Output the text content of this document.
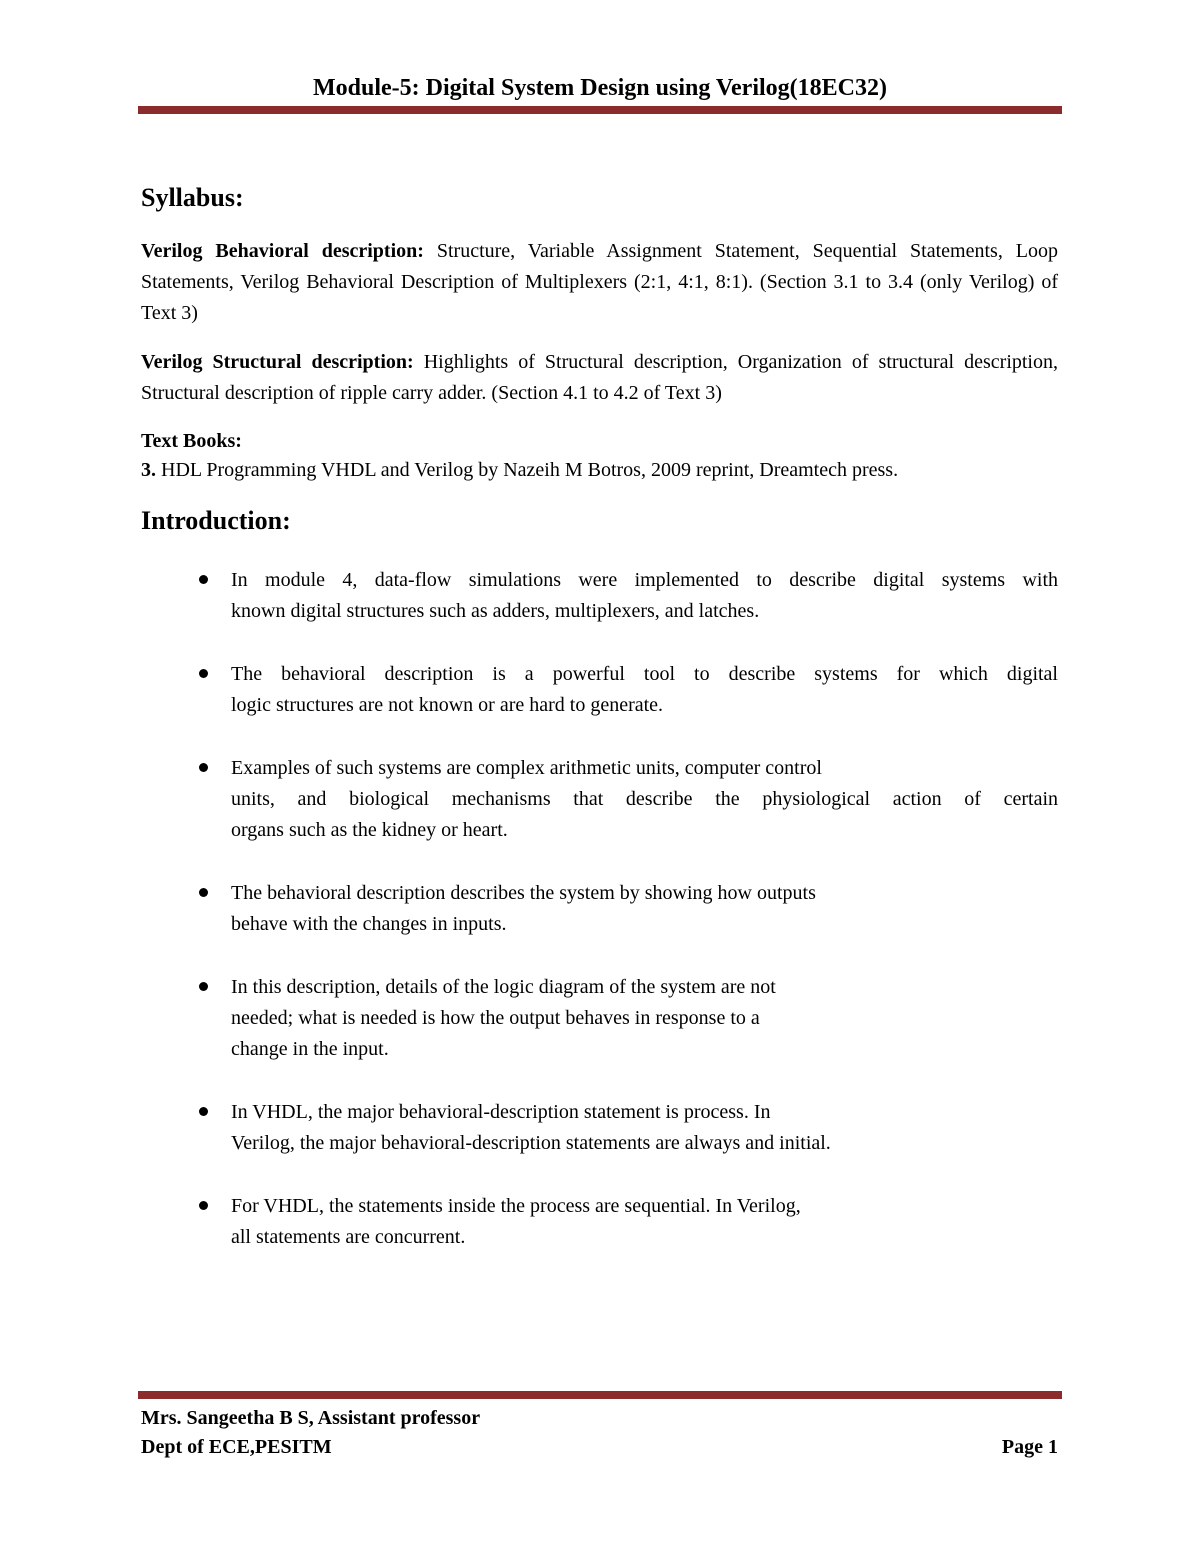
Module-5: Digital System Design using Verilog(18EC32)
Syllabus:

Verilog Behavioral description: Structure, Variable Assignment Statement, Sequential Statements, Loop Statements, Verilog Behavioral Description of Multiplexers (2:1, 4:1, 8:1). (Section 3.1 to 3.4 (only Verilog) of Text 3)

Verilog Structural description: Highlights of Structural description, Organization of structural description, Structural description of ripple carry adder. (Section 4.1 to 4.2 of Text 3)

Text Books:
3. HDL Programming VHDL and Verilog by Nazeih M Botros, 2009 reprint, Dreamtech press.
Introduction:
In module 4, data-flow simulations were implemented to describe digital systems with
known digital structures such as adders, multiplexers, and latches.
The behavioral description is a powerful tool to describe systems for which digital
logic structures are not known or are hard to generate.
Examples of such systems are complex arithmetic units, computer control
units, and biological mechanisms that describe the physiological action of certain
organs such as the kidney or heart.
The behavioral description describes the system by showing how outputs
behave with the changes in inputs.
In this description, details of the logic diagram of the system are not
needed; what is needed is how the output behaves in response to a
change in the input.
In VHDL, the major behavioral-description statement is process. In
Verilog, the major behavioral-description statements are always and initial.
For VHDL, the statements inside the process are sequential. In Verilog,
all statements are concurrent.
Mrs. Sangeetha B S, Assistant professor
Dept of ECE,PESITM	Page 1
